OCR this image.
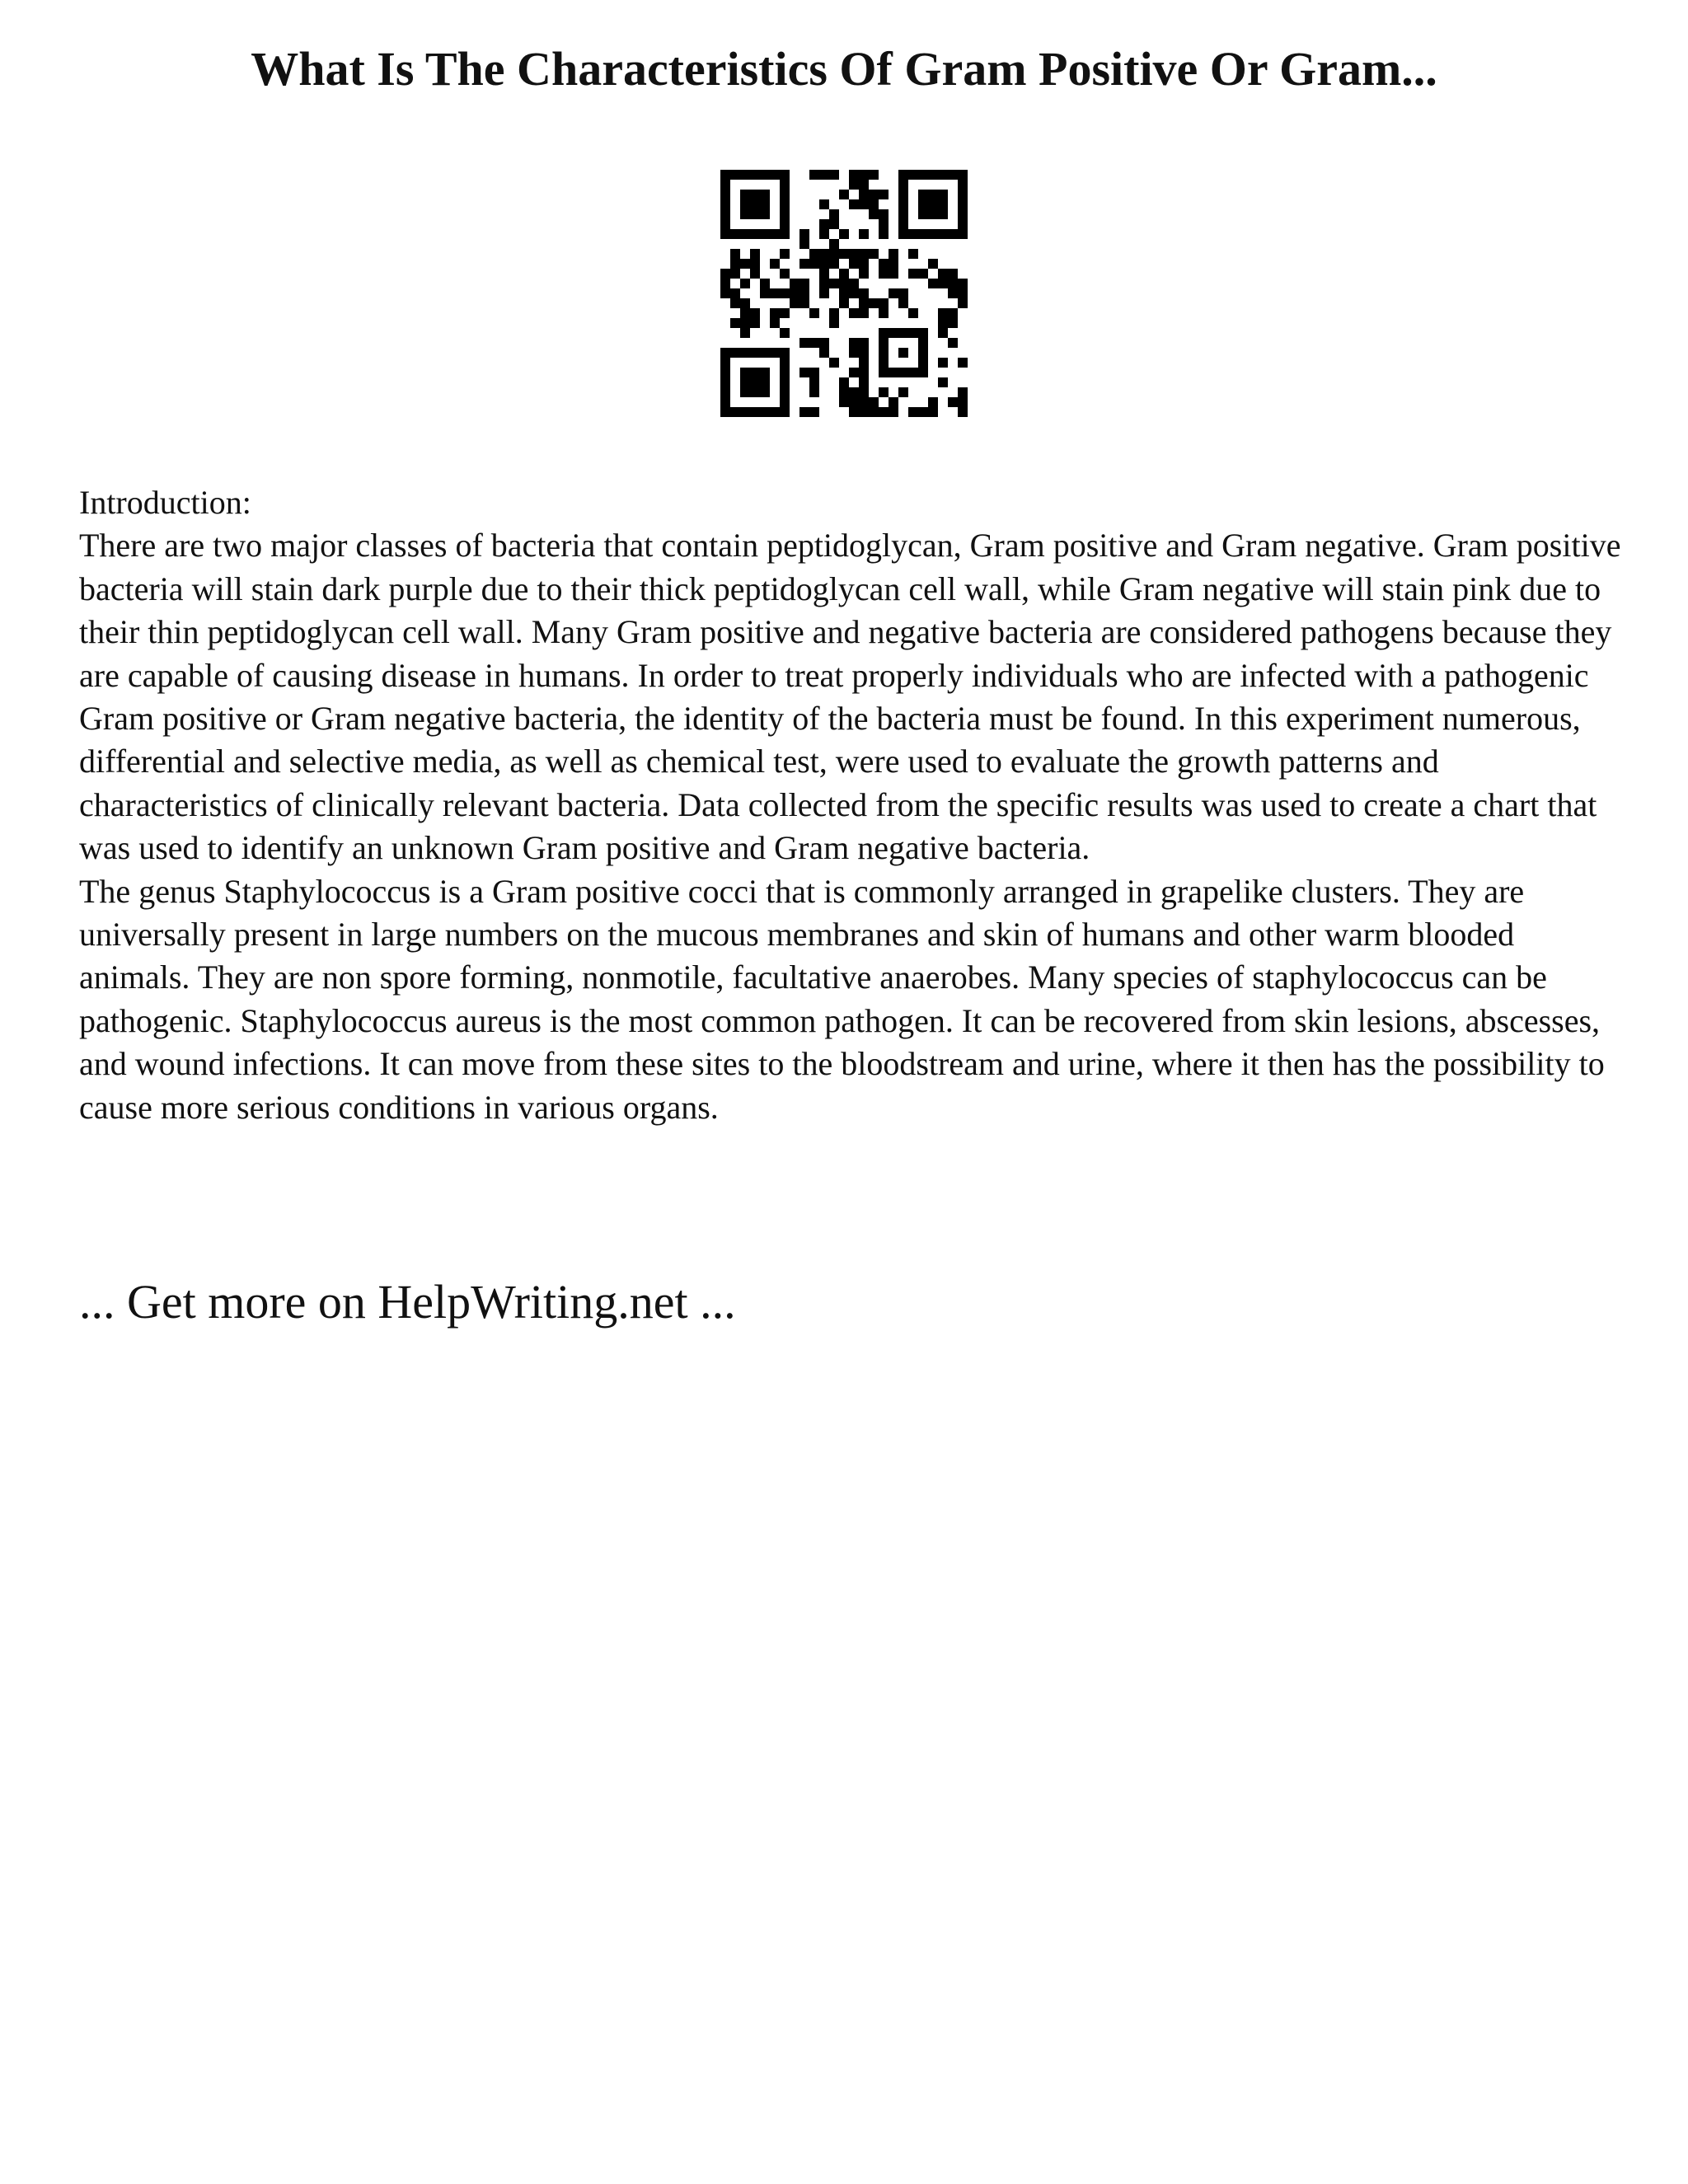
What Is The Characteristics Of Gram Positive Or Gram...

Introduction:

There are two major classes of bacteria that contain peptidoglycan, Gram positive and Gram negative. Gram positive bacteria will stain dark purple due to their thick peptidoglycan cell wall, while Gram negative will stain pink due to their thin peptidoglycan cell wall. Many Gram positive and negative bacteria are considered pathogens because they are capable of causing disease in humans. In order to treat properly individuals who are infected with a pathogenic Gram positive or Gram negative bacteria, the identity of the bacteria must be found. In this experiment numerous, differential and selective media, as well as chemical test, were used to evaluate the growth patterns and characteristics of clinically relevant bacteria. Data collected from the specific results was used to create a chart that was used to identify an unknown Gram positive and Gram negative bacteria.

The genus Staphylococcus is a Gram positive cocci that is commonly arranged in grapelike clusters. They are universally present in large numbers on the mucous membranes and skin of humans and other warm blooded animals. They are non spore forming, nonmotile, facultative anaerobes. Many species of staphylococcus can be pathogenic. Staphylococcus aureus is the most common pathogen. It can be recovered from skin lesions, abscesses, and wound infections. It can move from these sites to the bloodstream and urine, where it then has the possibility to cause more serious conditions in various organs.

... Get more on HelpWriting.net ...
